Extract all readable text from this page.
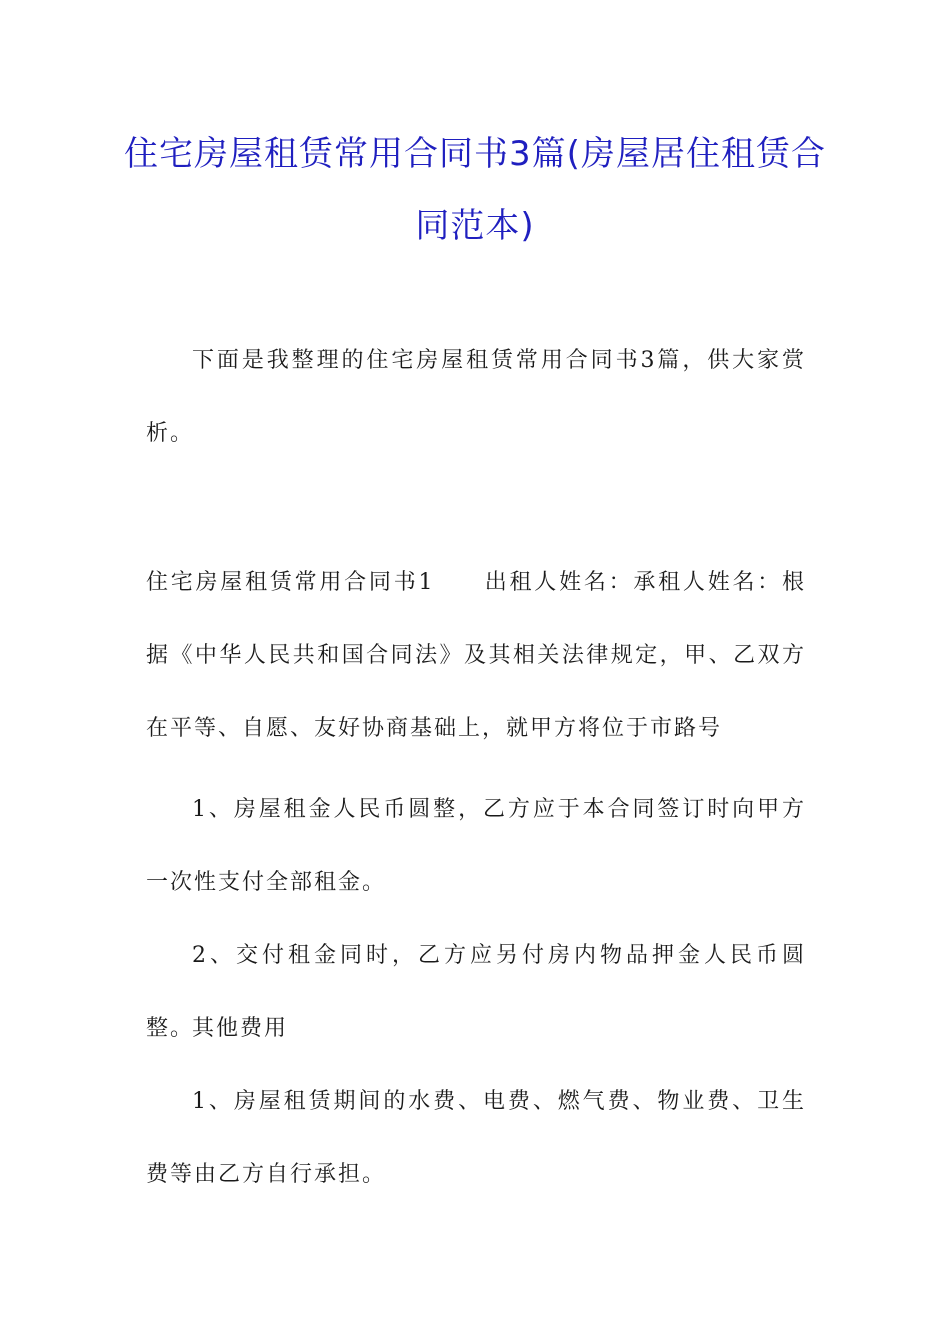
住宅房屋租赁常用合同书3篇(房屋居住租赁合同范本)

下面是我整理的住宅房屋租赁常用合同书3篇，供大家赏析。

住宅房屋租赁常用合同书1　　出租人姓名：承租人姓名：根据《中华人民共和国合同法》及其相关法律规定，甲、乙双方在平等、自愿、友好协商基础上，就甲方将位于市路号

1、房屋租金人民币圆整，乙方应于本合同签订时向甲方一次性支付全部租金。

2、交付租金同时，乙方应另付房内物品押金人民币圆整。

其他费用

1、房屋租赁期间的水费、电费、燃气费、物业费、卫生费等由乙方自行承担。
